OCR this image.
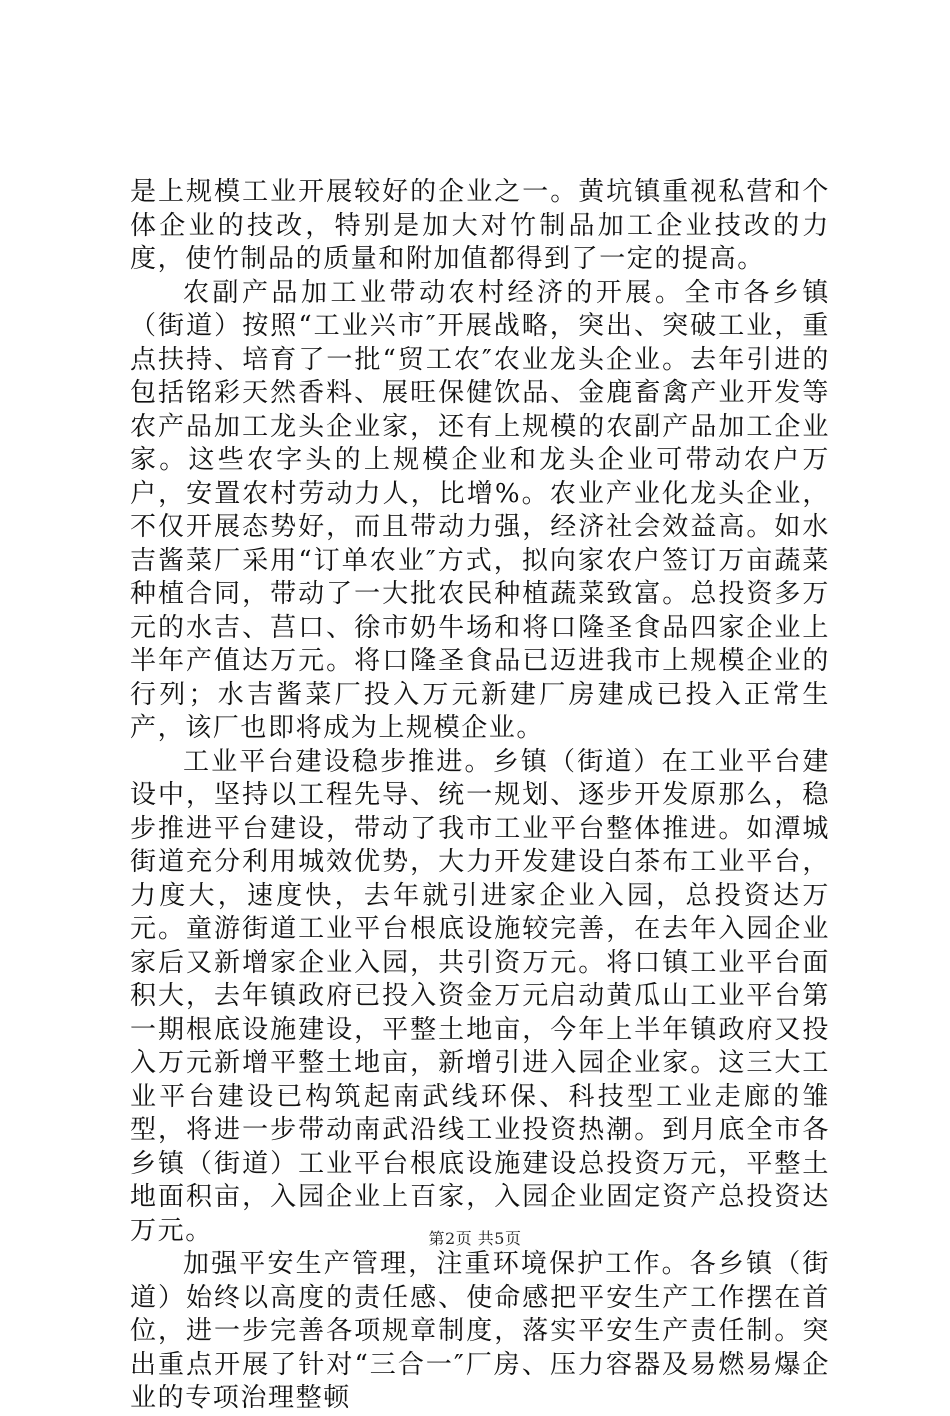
是上规模工业开展较好的企业之一。黄坑镇重视私营和个体企业的技改，特别是加大对竹制品加工企业技改的力度，使竹制品的质量和附加值都得到了一定的提高。

农副产品加工业带动农村经济的开展。全市各乡镇（街道）按照“工业兴市″开展战略，突出、突破工业，重点扶持、培育了一批“贸工农″农业龙头企业。去年引进的包括铭彩天然香料、展旺保健饮品、金鹿畜禽产业开发等农产品加工龙头企业家，还有上规模的农副产品加工企业家。这些农字头的上规模企业和龙头企业可带动农户万户，安置农村劳动力人，比增%。农业产业化龙头企业，不仅开展态势好，而且带动力强，经济社会效益高。如水吉酱菜厂采用“订单农业″方式，拟向家农户签订万亩蔬菜种植合同，带动了一大批农民种植蔬菜致富。总投资多万元的水吉、莒口、徐市奶牛场和将口隆圣食品四家企业上半年产值达万元。将口隆圣食品已迈进我市上规模企业的行列；水吉酱菜厂投入万元新建厂房建成已投入正常生产，该厂也即将成为上规模企业。

工业平台建设稳步推进。乡镇（街道）在工业平台建设中，坚持以工程先导、统一规划、逐步开发原那么，稳步推进平台建设，带动了我市工业平台整体推进。如潭城街道充分利用城效优势，大力开发建设白茶布工业平台，力度大，速度快，去年就引进家企业入园，总投资达万元。童游街道工业平台根底设施较完善，在去年入园企业家后又新增家企业入园，共引资万元。将口镇工业平台面积大，去年镇政府已投入资金万元启动黄瓜山工业平台第一期根底设施建设，平整土地亩，今年上半年镇政府又投入万元新增平整土地亩，新增引进入园企业家。这三大工业平台建设已构筑起南武线环保、科技型工业走廊的雏型，将进一步带动南武沿线工业投资热潮。到月底全市各乡镇（街道）工业平台根底设施建设总投资万元，平整土地面积亩，入园企业上百家，入园企业固定资产总投资达万元。

加强平安生产管理，注重环境保护工作。各乡镇（街道）始终以高度的责任感、使命感把平安生产工作摆在首位，进一步完善各项规章制度，落实平安生产责任制。突出重点开展了针对“三合一″厂房、压力容器及易燃易爆企业的专项治理整顿

第2页 共5页
